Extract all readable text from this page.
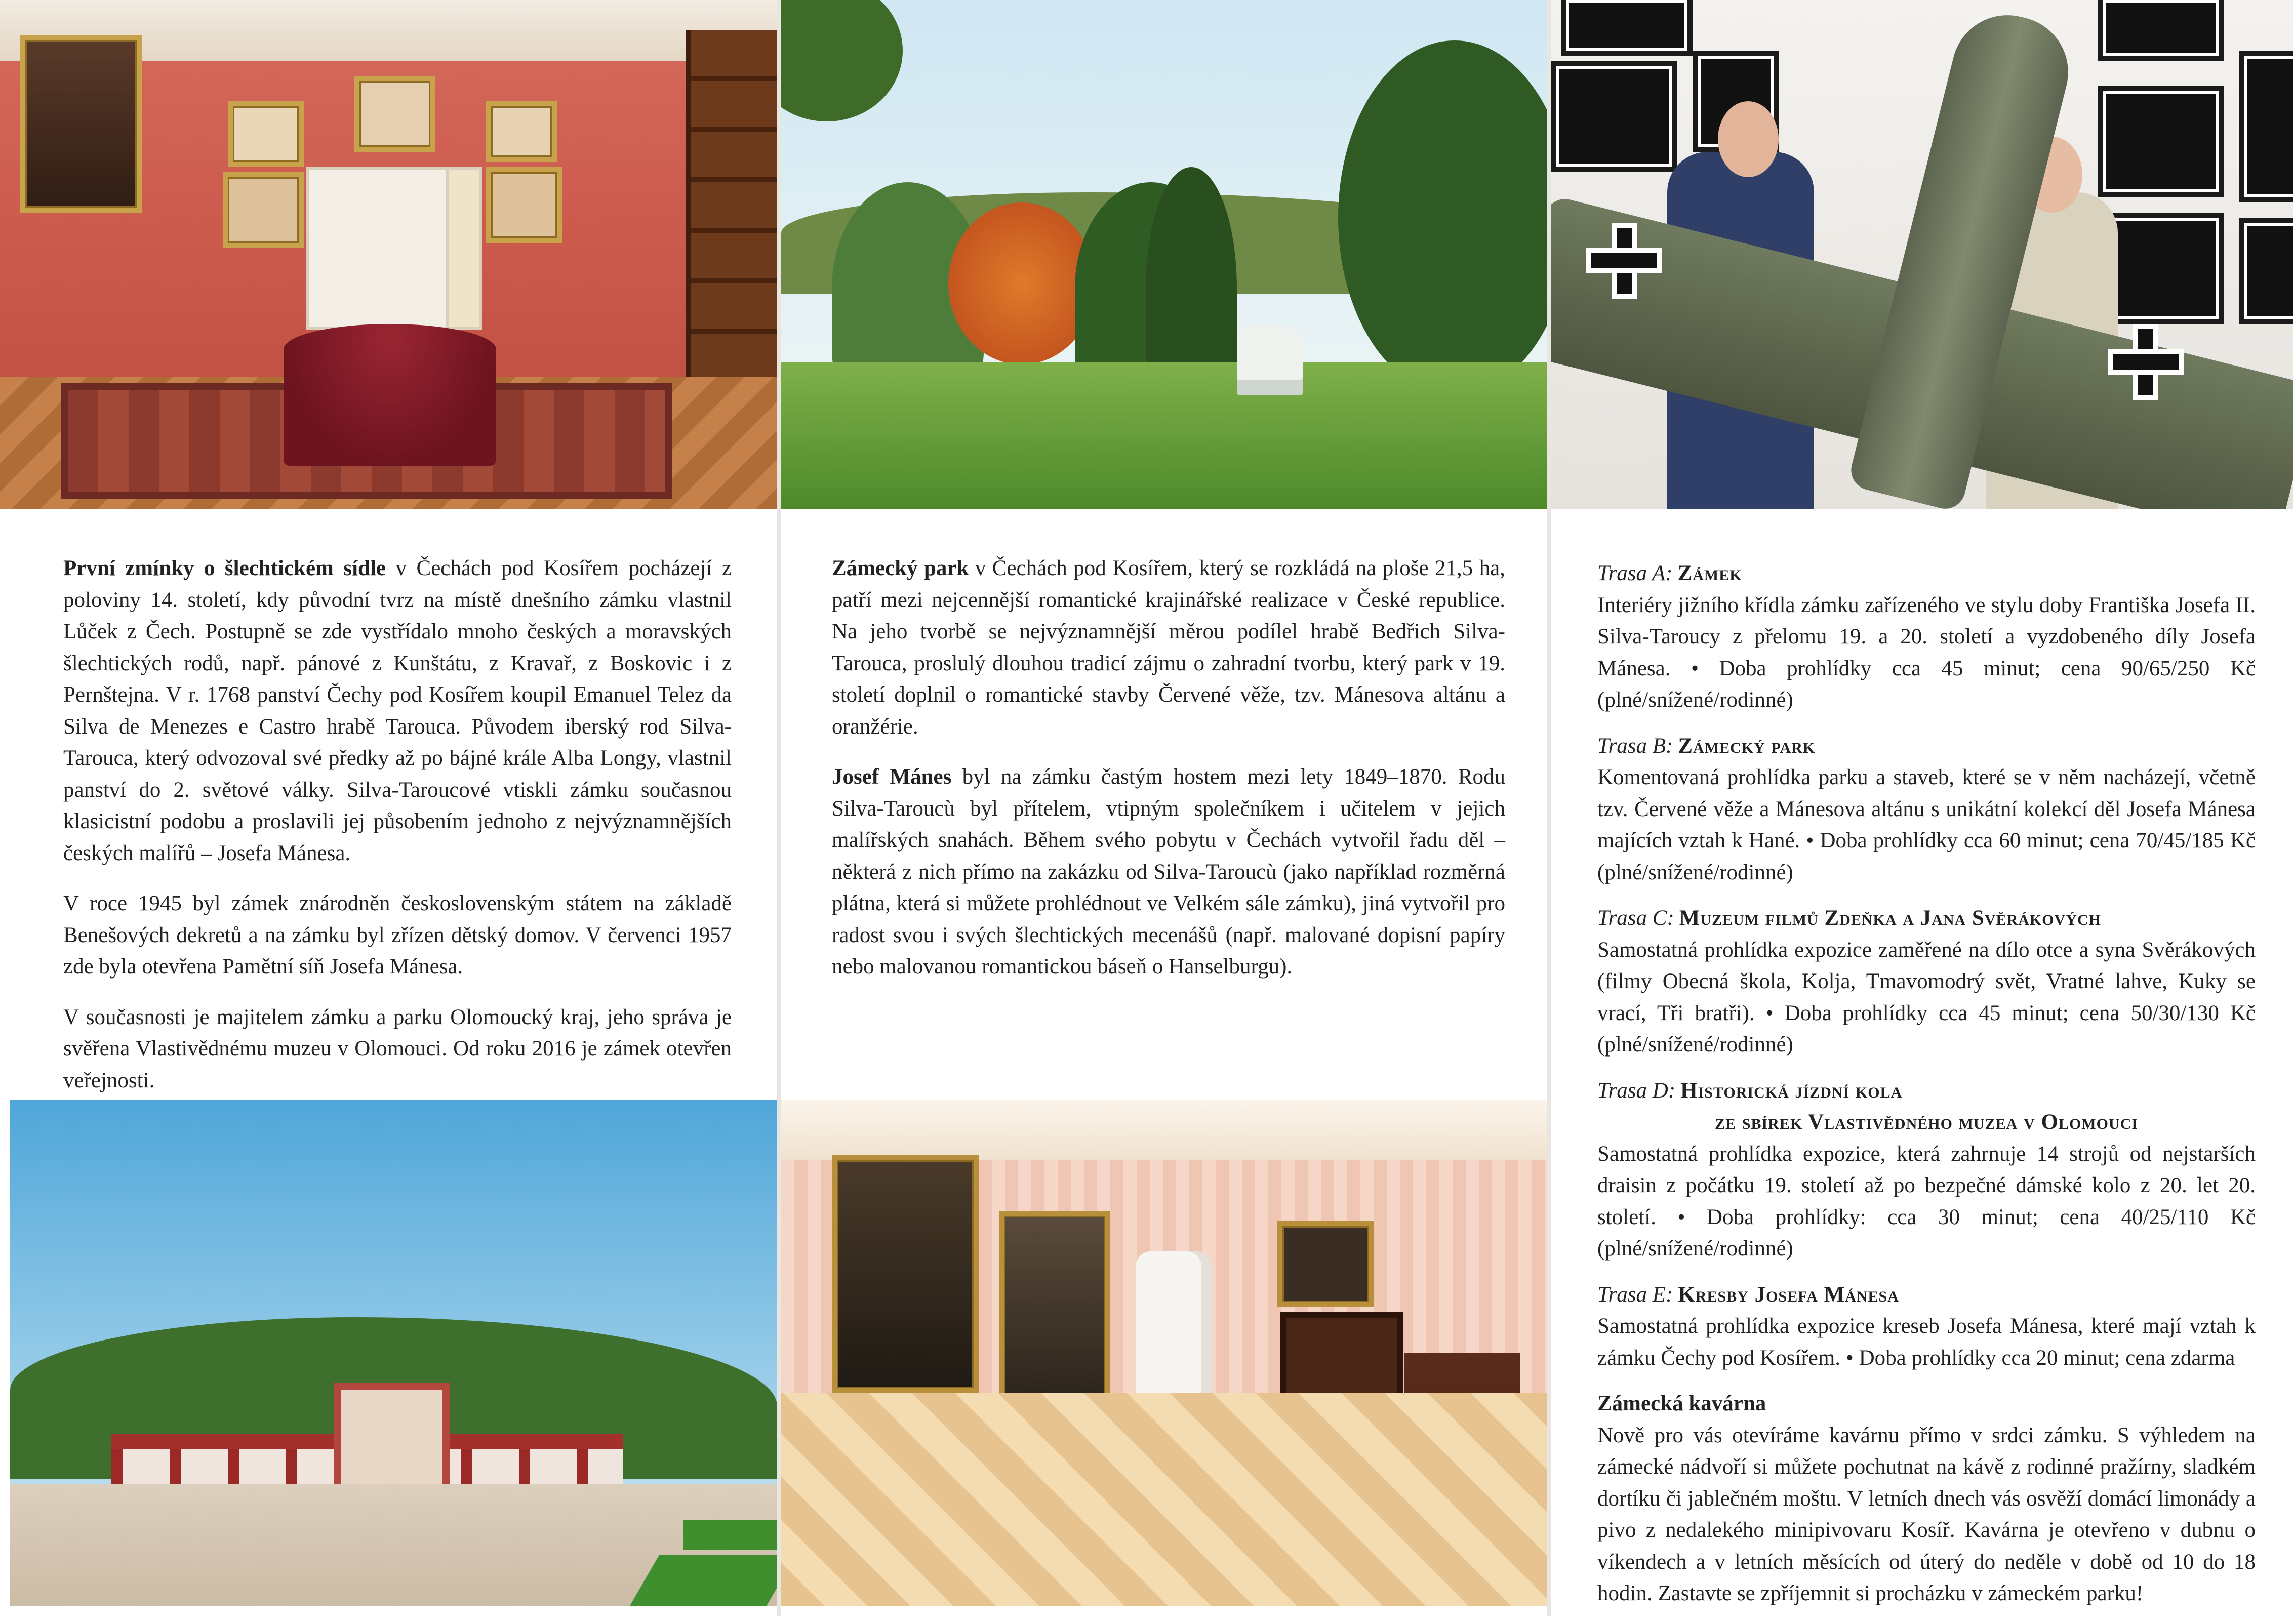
První zmínky o šlechtickém sídle v Čechách pod Kosířem pocházejí z poloviny 14. století, kdy původní tvrz na místě dnešního zámku vlastnil Lůček z Čech. Postupně se zde vystřídalo mnoho českých a moravských šlechtických rodů, např. pánové z Kunštátu, z Kravař, z Boskovic i z Pernštejna. V r. 1768 panství Čechy pod Kosířem koupil Emanuel Telez da Silva de Menezes e Castro hrabě Tarouca. Původem iberský rod Silva-Tarouca, který odvozoval své předky až po bájné krále Alba Longy, vlastnil panství do 2. světové války. Silva-Taroucové vtiskli zámku současnou klasicistní podobu a proslavili jej působením jednoho z nejvýznamnějších českých malířů – Josefa Mánesa.

V roce 1945 byl zámek znárodněn československým státem na základě Benešových dekretů a na zámku byl zřízen dětský domov. V červenci 1957 zde byla otevřena Pamětní síň Josefa Mánesa.

V současnosti je majitelem zámku a parku Olomoucký kraj, jeho správa je svěřena Vlastivědnému muzeu v Olomouci. Od roku 2016 je zámek otevřen veřejnosti.

Zámecký park v Čechách pod Kosířem, který se rozkládá na ploše 21,5 ha, patří mezi nejcennější romantické krajinářské realizace v České republice. Na jeho tvorbě se nejvýznamnější měrou podílel hrabě Bedřich Silva-Tarouca, proslulý dlouhou tradicí zájmu o zahradní tvorbu, který park v 19. století doplnil o romantické stavby Červené věže, tzv. Mánesova altánu a oranžérie.

Josef Mánes byl na zámku častým hostem mezi lety 1849–1870. Rodu Silva-Taroucù byl přítelem, vtipným společníkem i učitelem v jejich malířských snahách. Během svého pobytu v Čechách vytvořil řadu děl – některá z nich přímo na zakázku od Silva-Taroucù (jako například rozměrná plátna, která si můžete prohlédnout ve Velkém sále zámku), jiná vytvořil pro radost svou i svých šlechtických mecenášů (např. malované dopisní papíry nebo malovanou romantickou báseň o Hanselburgu).

Trasa A: Zámek
Interiéry jižního křídla zámku zařízeného ve stylu doby Františka Josefa II. Silva-Taroucy z přelomu 19. a 20. století a vyzdobeného díly Josefa Mánesa. • Doba prohlídky cca 45 minut; cena 90/65/250 Kč (plné/snížené/rodinné)
Trasa B: Zámecký park
Komentovaná prohlídka parku a staveb, které se v něm nacházejí, včetně tzv. Červené věže a Mánesova altánu s unikátní kolekcí děl Josefa Mánesa majících vztah k Hané. • Doba prohlídky cca 60 minut; cena 70/45/185 Kč (plné/snížené/rodinné)
Trasa C: Muzeum filmů Zdeňka a Jana Svěrákových
Samostatná prohlídka expozice zaměřené na dílo otce a syna Svěrákových (filmy Obecná škola, Kolja, Tmavomodrý svět, Vratné lahve, Kuky se vrací, Tři bratři). • Doba prohlídky cca 45 minut; cena 50/30/130 Kč (plné/snížené/rodinné)
Trasa D: Historická jízdní kola
ze sbírek Vlastivědného muzea v Olomouci
Samostatná prohlídka expozice, která zahrnuje 14 strojů od nejstarších draisin z počátku 19. století až po bezpečné dámské kolo z 20. let 20. století. • Doba prohlídky: cca 30 minut; cena 40/25/110 Kč (plné/snížené/rodinné)
Trasa E: Kresby Josefa Mánesa
Samostatná prohlídka expozice kreseb Josefa Mánesa, které mají vztah k zámku Čechy pod Kosířem. • Doba prohlídky cca 20 minut; cena zdarma
Zámecká kavárna
Nově pro vás otevíráme kavárnu přímo v srdci zámku. S výhledem na zámecké nádvoří si můžete pochutnat na kávě z rodinné pražírny, sladkém dortíku či jablečném moštu. V letních dnech vás osvěží domácí limonády a pivo z nedalekého minipivovaru Kosíř. Kavárna je otevřeno v dubnu o víkendech a v letních měsících od úterý do neděle v době od 10 do 18 hodin. Zastavte se zpříjemnit si procházku v zámeckém parku!
